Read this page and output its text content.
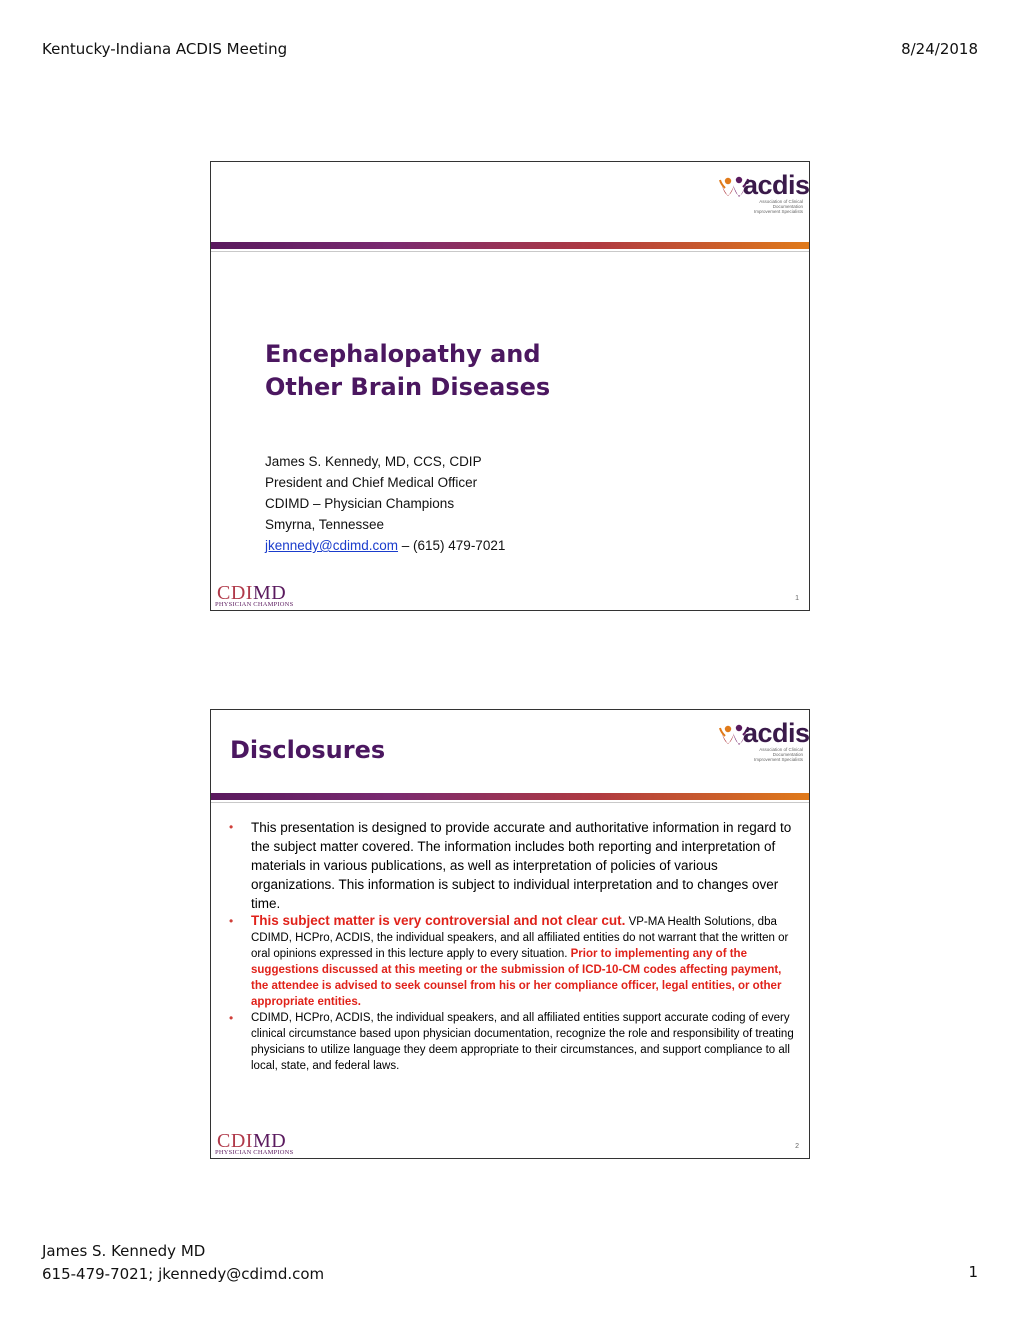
Kentucky-Indiana ACDIS Meeting	8/24/2018
acdis
Association of Clinical Documentation Improvement Specialists
Encephalopathy and
Other Brain Diseases
James S. Kennedy, MD, CCS, CDIP
President and Chief Medical Officer
CDIMD – Physician Champions
Smyrna, Tennessee
jkennedy@cdimd.com – (615) 479-7021
CDIMD
PHYSICIAN CHAMPIONS
1
acdis
Association of Clinical Documentation Improvement Specialists
Disclosures
• This presentation is designed to provide accurate and authoritative information in regard to the subject matter covered. The information includes both reporting and interpretation of materials in various publications, as well as interpretation of policies of various organizations. This information is subject to individual interpretation and to changes over time.
• This subject matter is very controversial and not clear cut. VP-MA Health Solutions, dba CDIMD, HCPro, ACDIS, the individual speakers, and all affiliated entities do not warrant that the written or oral opinions expressed in this lecture apply to every situation. Prior to implementing any of the suggestions discussed at this meeting or the submission of ICD-10-CM codes affecting payment, the attendee is advised to seek counsel from his or her compliance officer, legal entities, or other appropriate entities.
• CDIMD, HCPro, ACDIS, the individual speakers, and all affiliated entities support accurate coding of every clinical circumstance based upon physician documentation, recognize the role and responsibility of treating physicians to utilize language they deem appropriate to their circumstances, and support compliance to all local, state, and federal laws.
CDIMD
PHYSICIAN CHAMPIONS
2
James S. Kennedy MD
615-479-7021; jkennedy@cdimd.com	1
